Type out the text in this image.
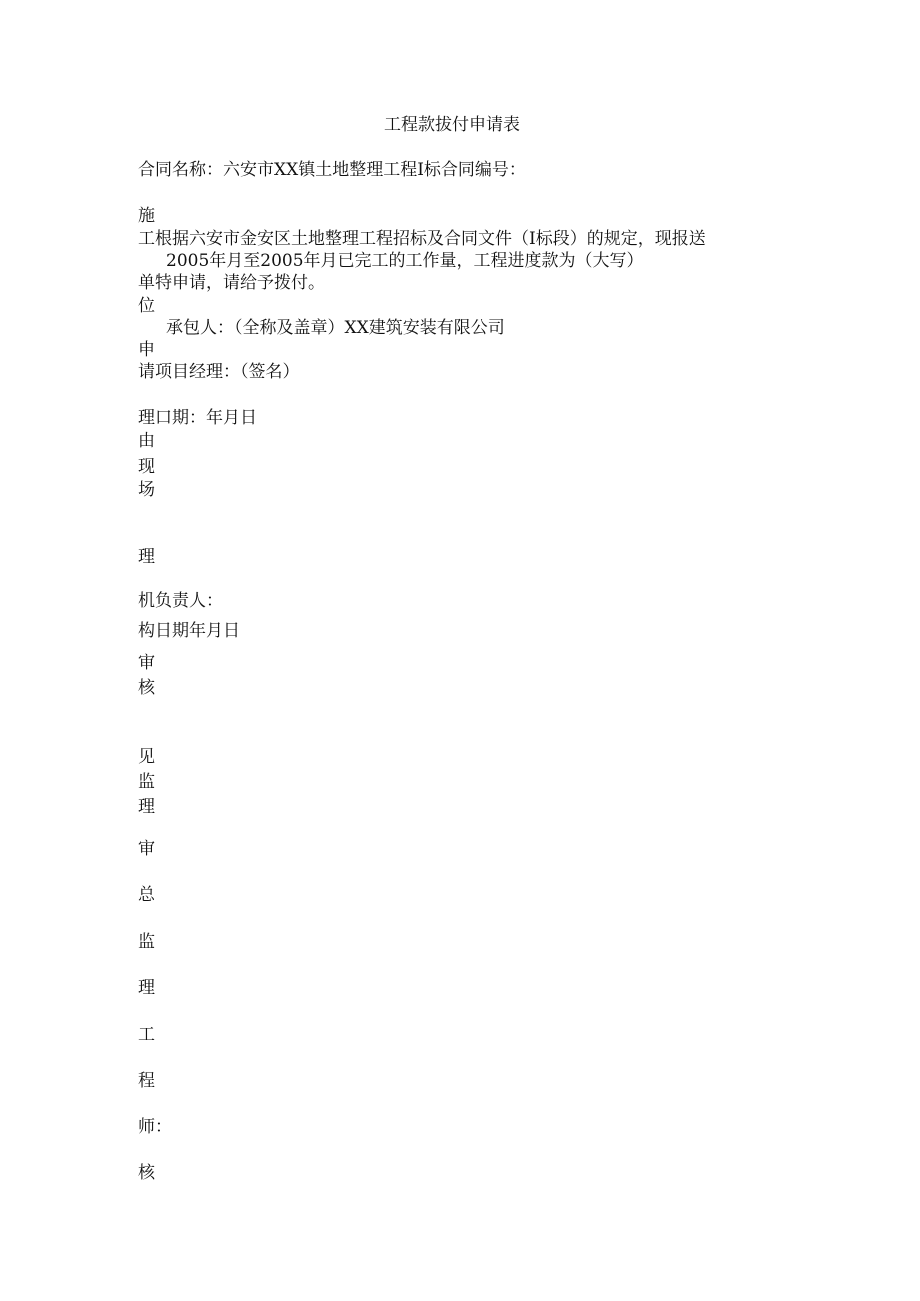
工程款拔付申请表
合同名称：六安市XX镇土地整理工程Ⅰ标合同编号：
施
工根据六安市金安区土地整理工程招标及合同文件（Ⅰ标段）的规定，现报送
2005年月至2005年月已完工的工作量，工程进度款为（大写）
单特申请，请给予拨付。
位
承包人：（全称及盖章）XX建筑安装有限公司
申
请项目经理：（签名）
理口期：年月日
由
现
场
理
机负责人：
构日期年月日
审
核
见
监
理
审
总
监
理
工
程
师：
核
